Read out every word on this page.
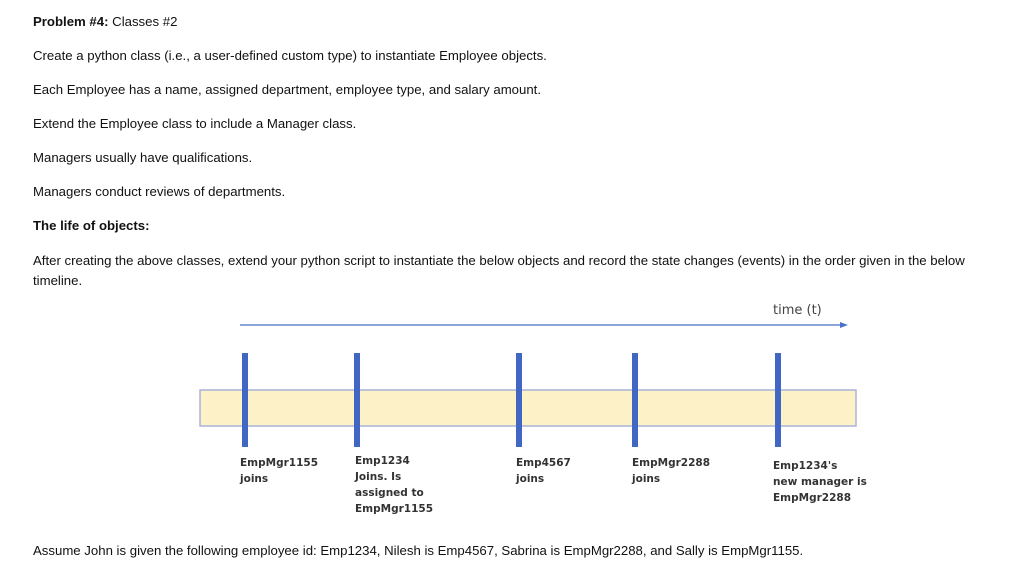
Problem #4: Classes #2
Create a python class (i.e., a user-defined custom type) to instantiate Employee objects.
Each Employee has a name, assigned department, employee type, and salary amount.
Extend the Employee class to include a Manager class.
Managers usually have qualifications.
Managers conduct reviews of departments.
The life of objects:
After creating the above classes, extend your python script to instantiate the below objects and record the state changes (events) in the order given in the below timeline.
time (t)
EmpMgr1155
joins
Emp1234
Joins. Is
assigned to
EmpMgr1155
Emp4567
joins
EmpMgr2288
joins
Emp1234's
new manager is
EmpMgr2288
Assume John is given the following employee id: Emp1234, Nilesh is Emp4567, Sabrina is EmpMgr2288, and Sally is EmpMgr1155.
